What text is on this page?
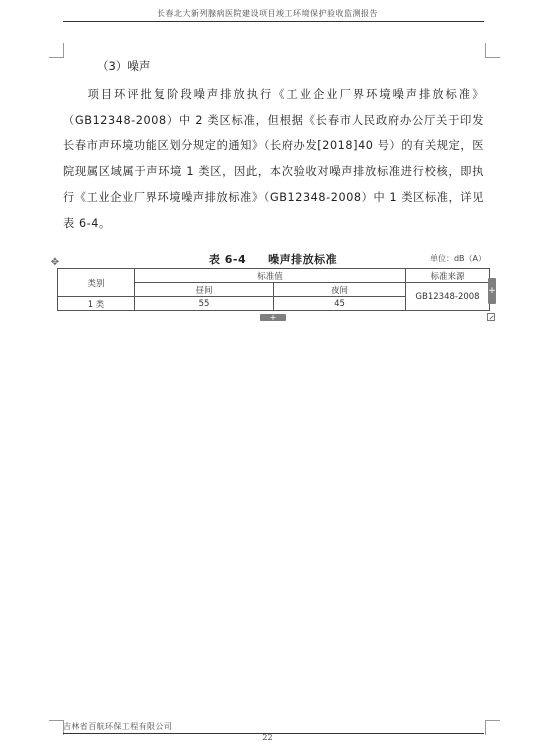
长春北大新列腺病医院建设项目竣工环境保护验收监测报告
（3）噪声
项目环评批复阶段噪声排放执行《工业企业厂界环境噪声排放标准》（GB12348-2008）中 2 类区标准，但根据《长春市人民政府办公厅关于印发长春市声环境功能区划分规定的通知》（长府办发[2018]40 号）的有关规定，医院现属区域属于声环境 1 类区，因此，本次验收对噪声排放标准进行校核，即执行《工业企业厂界环境噪声排放标准》（GB12348-2008）中 1 类区标准，详见表 6-4。
表 6-4 噪声排放标准	单位：dB（A）
✥
类别	标准值		标准来源
	昼间	夜间	GB12348-2008
1 类	55	45	
+
+
吉林省百航环保工程有限公司
22
